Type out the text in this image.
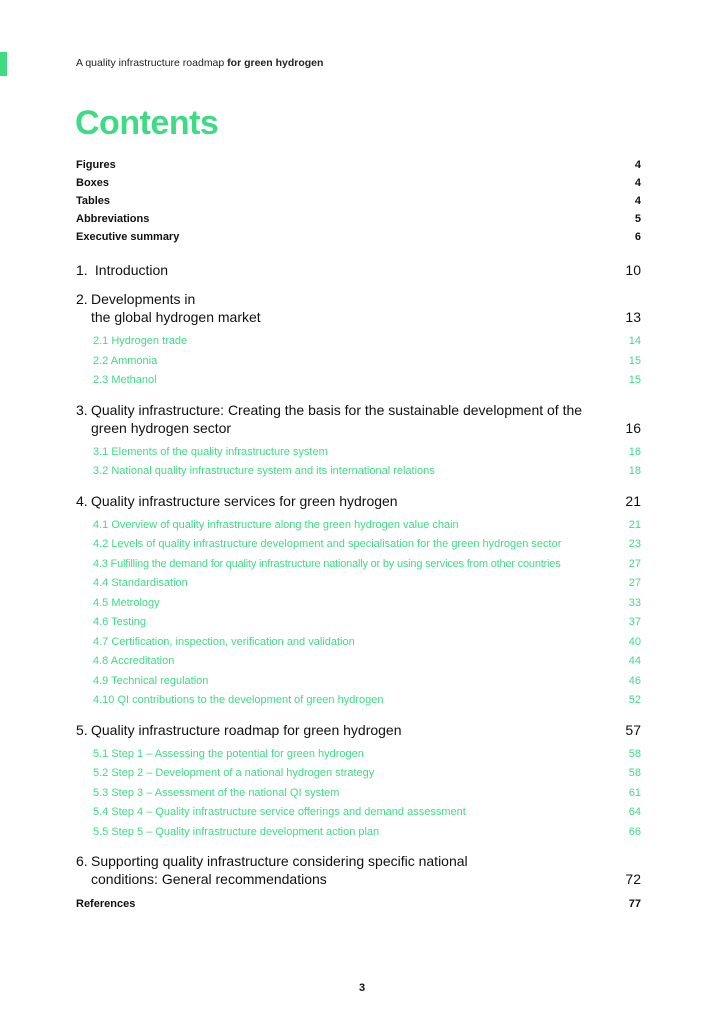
A quality infrastructure roadmap for green hydrogen
Contents
Figures	4
Boxes	4
Tables	4
Abbreviations	5
Executive summary	6
1. Introduction	10
2. Developments in
the global hydrogen market	13
2.1 Hydrogen trade	14
2.2 Ammonia	15
2.3 Methanol	15
3. Quality infrastructure: Creating the basis for the sustainable development of the
green hydrogen sector	16
3.1 Elements of the quality infrastructure system	16
3.2 National quality infrastructure system and its international relations	18
4. Quality infrastructure services for green hydrogen	21
4.1 Overview of quality infrastructure along the green hydrogen value chain	21
4.2 Levels of quality infrastructure development and specialisation for the green hydrogen sector	23
4.3 Fulfilling the demand for quality infrastructure nationally or by using services from other countries	27
4.4 Standardisation	27
4.5 Metrology	33
4.6 Testing	37
4.7 Certification, inspection, verification and validation	40
4.8 Accreditation	44
4.9 Technical regulation	46
4.10 QI contributions to the development of green hydrogen	52
5. Quality infrastructure roadmap for green hydrogen	57
5.1 Step 1 – Assessing the potential for green hydrogen	58
5.2 Step 2 – Development of a national hydrogen strategy	58
5.3 Step 3 – Assessment of the national QI system	61
5.4 Step 4 – Quality infrastructure service offerings and demand assessment	64
5.5 Step 5 – Quality infrastructure development action plan	66
6. Supporting quality infrastructure considering specific national
conditions: General recommendations	72
References	77
3
